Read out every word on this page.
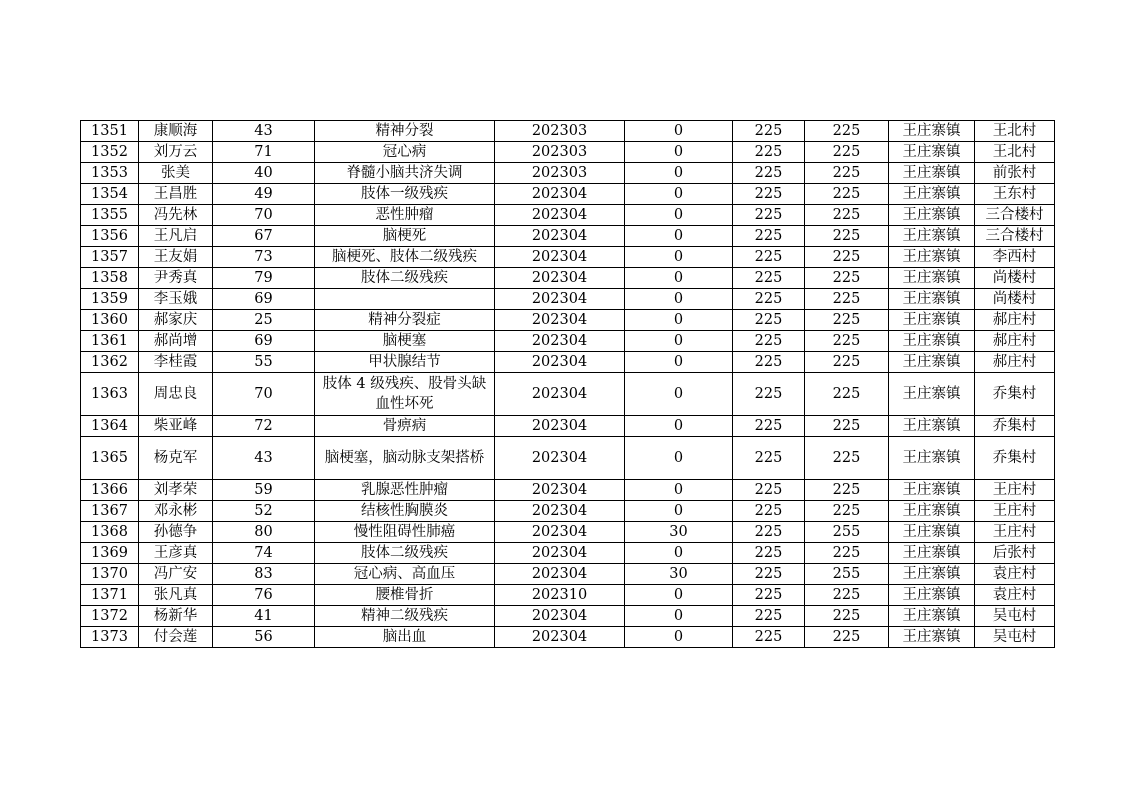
1351	康顺海	43	精神分裂	202303	0	225	225	王庄寨镇	王北村
1352	刘万云	71	冠心病	202303	0	225	225	王庄寨镇	王北村
1353	张美	40	脊髓小脑共济失调	202303	0	225	225	王庄寨镇	前张村
1354	王昌胜	49	肢体一级残疾	202304	0	225	225	王庄寨镇	王东村
1355	冯先林	70	恶性肿瘤	202304	0	225	225	王庄寨镇	三合楼村
1356	王凡启	67	脑梗死	202304	0	225	225	王庄寨镇	三合楼村
1357	王友娟	73	脑梗死、肢体二级残疾	202304	0	225	225	王庄寨镇	李西村
1358	尹秀真	79	肢体二级残疾	202304	0	225	225	王庄寨镇	尚楼村
1359	李玉娥	69		202304	0	225	225	王庄寨镇	尚楼村
1360	郝家庆	25	精神分裂症	202304	0	225	225	王庄寨镇	郝庄村
1361	郝尚增	69	脑梗塞	202304	0	225	225	王庄寨镇	郝庄村
1362	李桂霞	55	甲状腺结节	202304	0	225	225	王庄寨镇	郝庄村
1363	周忠良	70	肢体 4 级残疾、股骨头缺血性坏死	202304	0	225	225	王庄寨镇	乔集村
1364	柴亚峰	72	骨痹病	202304	0	225	225	王庄寨镇	乔集村
1365	杨克军	43	脑梗塞，脑动脉支架搭桥	202304	0	225	225	王庄寨镇	乔集村
1366	刘孝荣	59	乳腺恶性肿瘤	202304	0	225	225	王庄寨镇	王庄村
1367	邓永彬	52	结核性胸膜炎	202304	0	225	225	王庄寨镇	王庄村
1368	孙德争	80	慢性阻碍性肺癌	202304	30	225	255	王庄寨镇	王庄村
1369	王彦真	74	肢体二级残疾	202304	0	225	225	王庄寨镇	后张村
1370	冯广安	83	冠心病、高血压	202304	30	225	255	王庄寨镇	袁庄村
1371	张凡真	76	腰椎骨折	202310	0	225	225	王庄寨镇	袁庄村
1372	杨新华	41	精神二级残疾	202304	0	225	225	王庄寨镇	吴屯村
1373	付会莲	56	脑出血	202304	0	225	225	王庄寨镇	吴屯村
